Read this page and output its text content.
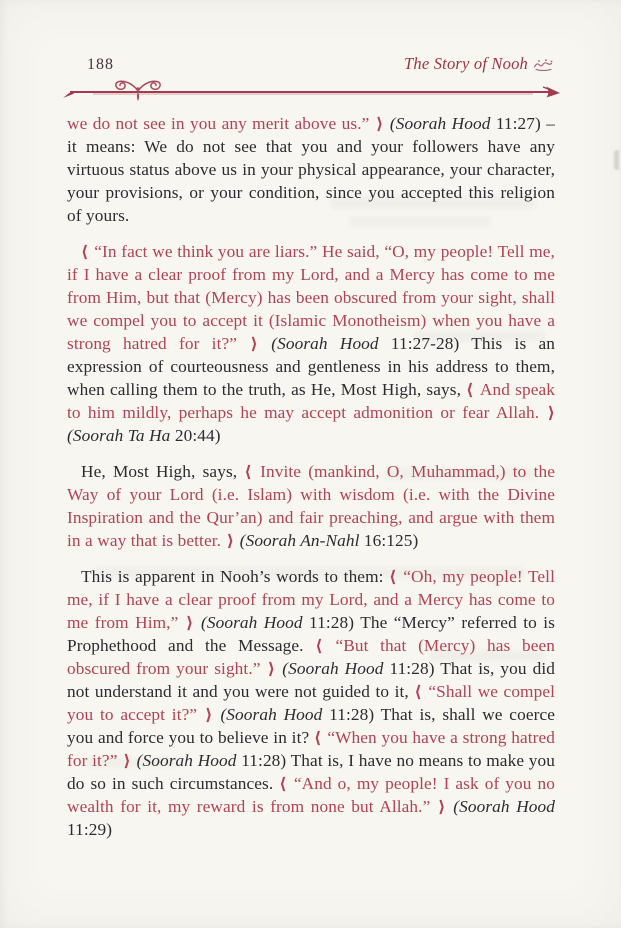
188	The Story of Nooh

we do not see in you any merit above us.” ⟩ (Soorah Hood 11:27) – it means: We do not see that you and your followers have any virtuous status above us in your physical appearance, your character, your provisions, or your condition, since you accepted this religion of yours.

⟨ “In fact we think you are liars.” He said, “O, my people! Tell me, if I have a clear proof from my Lord, and a Mercy has come to me from Him, but that (Mercy) has been obscured from your sight, shall we compel you to accept it (Islamic Monotheism) when you have a strong hatred for it?” ⟩ (Soorah Hood 11:27-28) This is an expression of courteousness and gentleness in his address to them, when calling them to the truth, as He, Most High, says, ⟨ And speak to him mildly, perhaps he may accept admonition or fear Allah. ⟩ (Soorah Ta Ha 20:44)

He, Most High, says, ⟨ Invite (mankind, O, Muhammad,) to the Way of your Lord (i.e. Islam) with wisdom (i.e. with the Divine Inspiration and the Qur’an) and fair preaching, and argue with them in a way that is better. ⟩ (Soorah An-Nahl 16:125)

This is apparent in Nooh’s words to them: ⟨ “Oh, my people! Tell me, if I have a clear proof from my Lord, and a Mercy has come to me from Him,” ⟩ (Soorah Hood 11:28) The “Mercy” referred to is Prophethood and the Message. ⟨ “But that (Mercy) has been obscured from your sight.” ⟩ (Soorah Hood 11:28) That is, you did not understand it and you were not guided to it, ⟨ “Shall we compel you to accept it?” ⟩ (Soorah Hood 11:28) That is, shall we coerce you and force you to believe in it? ⟨ “When you have a strong hatred for it?” ⟩ (Soorah Hood 11:28) That is, I have no means to make you do so in such circumstances. ⟨ “And o, my people! I ask of you no wealth for it, my reward is from none but Allah.” ⟩ (Soorah Hood 11:29)
